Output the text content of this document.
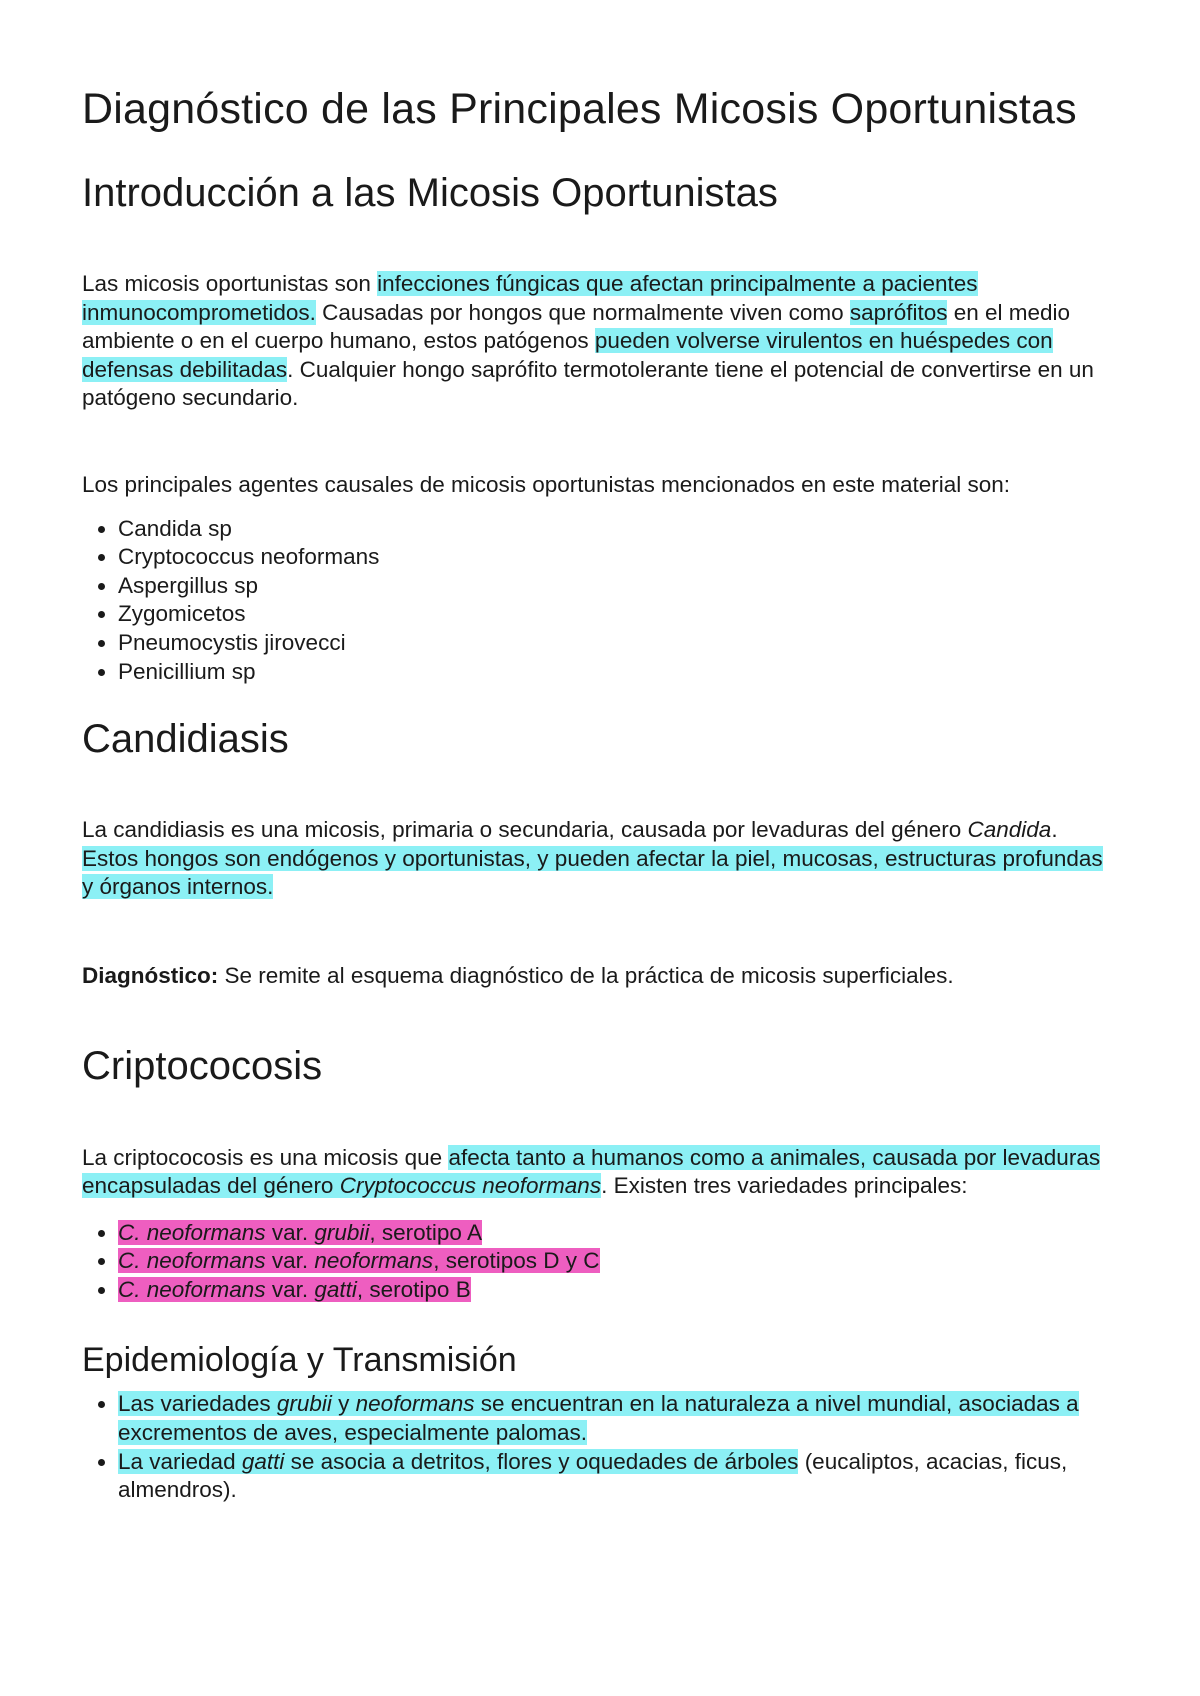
Diagnóstico de las Principales Micosis Oportunistas
Introducción a las Micosis Oportunistas

Las micosis oportunistas son infecciones fúngicas que afectan principalmente a pacientes inmunocomprometidos. Causadas por hongos que normalmente viven como saprófitos en el medio ambiente o en el cuerpo humano, estos patógenos pueden volverse virulentos en huéspedes con defensas debilitadas. Cualquier hongo saprófito termotolerante tiene el potencial de convertirse en un patógeno secundario.

Los principales agentes causales de micosis oportunistas mencionados en este material son:

• Candida sp
• Cryptococcus neoformans
• Aspergillus sp
• Zygomicetos
• Pneumocystis jirovecci
• Penicillium sp
Candidiasis

La candidiasis es una micosis, primaria o secundaria, causada por levaduras del género Candida. Estos hongos son endógenos y oportunistas, y pueden afectar la piel, mucosas, estructuras profundas y órganos internos.

Diagnóstico: Se remite al esquema diagnóstico de la práctica de micosis superficiales.

Criptococosis

La criptococosis es una micosis que afecta tanto a humanos como a animales, causada por levaduras encapsuladas del género Cryptococcus neoformans. Existen tres variedades principales:

• C. neoformans var. grubii, serotipo A
• C. neoformans var. neoformans, serotipos D y C
• C. neoformans var. gatti, serotipo B
Epidemiología y Transmisión
• Las variedades grubii y neoformans se encuentran en la naturaleza a nivel mundial, asociadas a excrementos de aves, especialmente palomas.
• La variedad gatti se asocia a detritos, flores y oquedades de árboles (eucaliptos, acacias, ficus, almendros).
